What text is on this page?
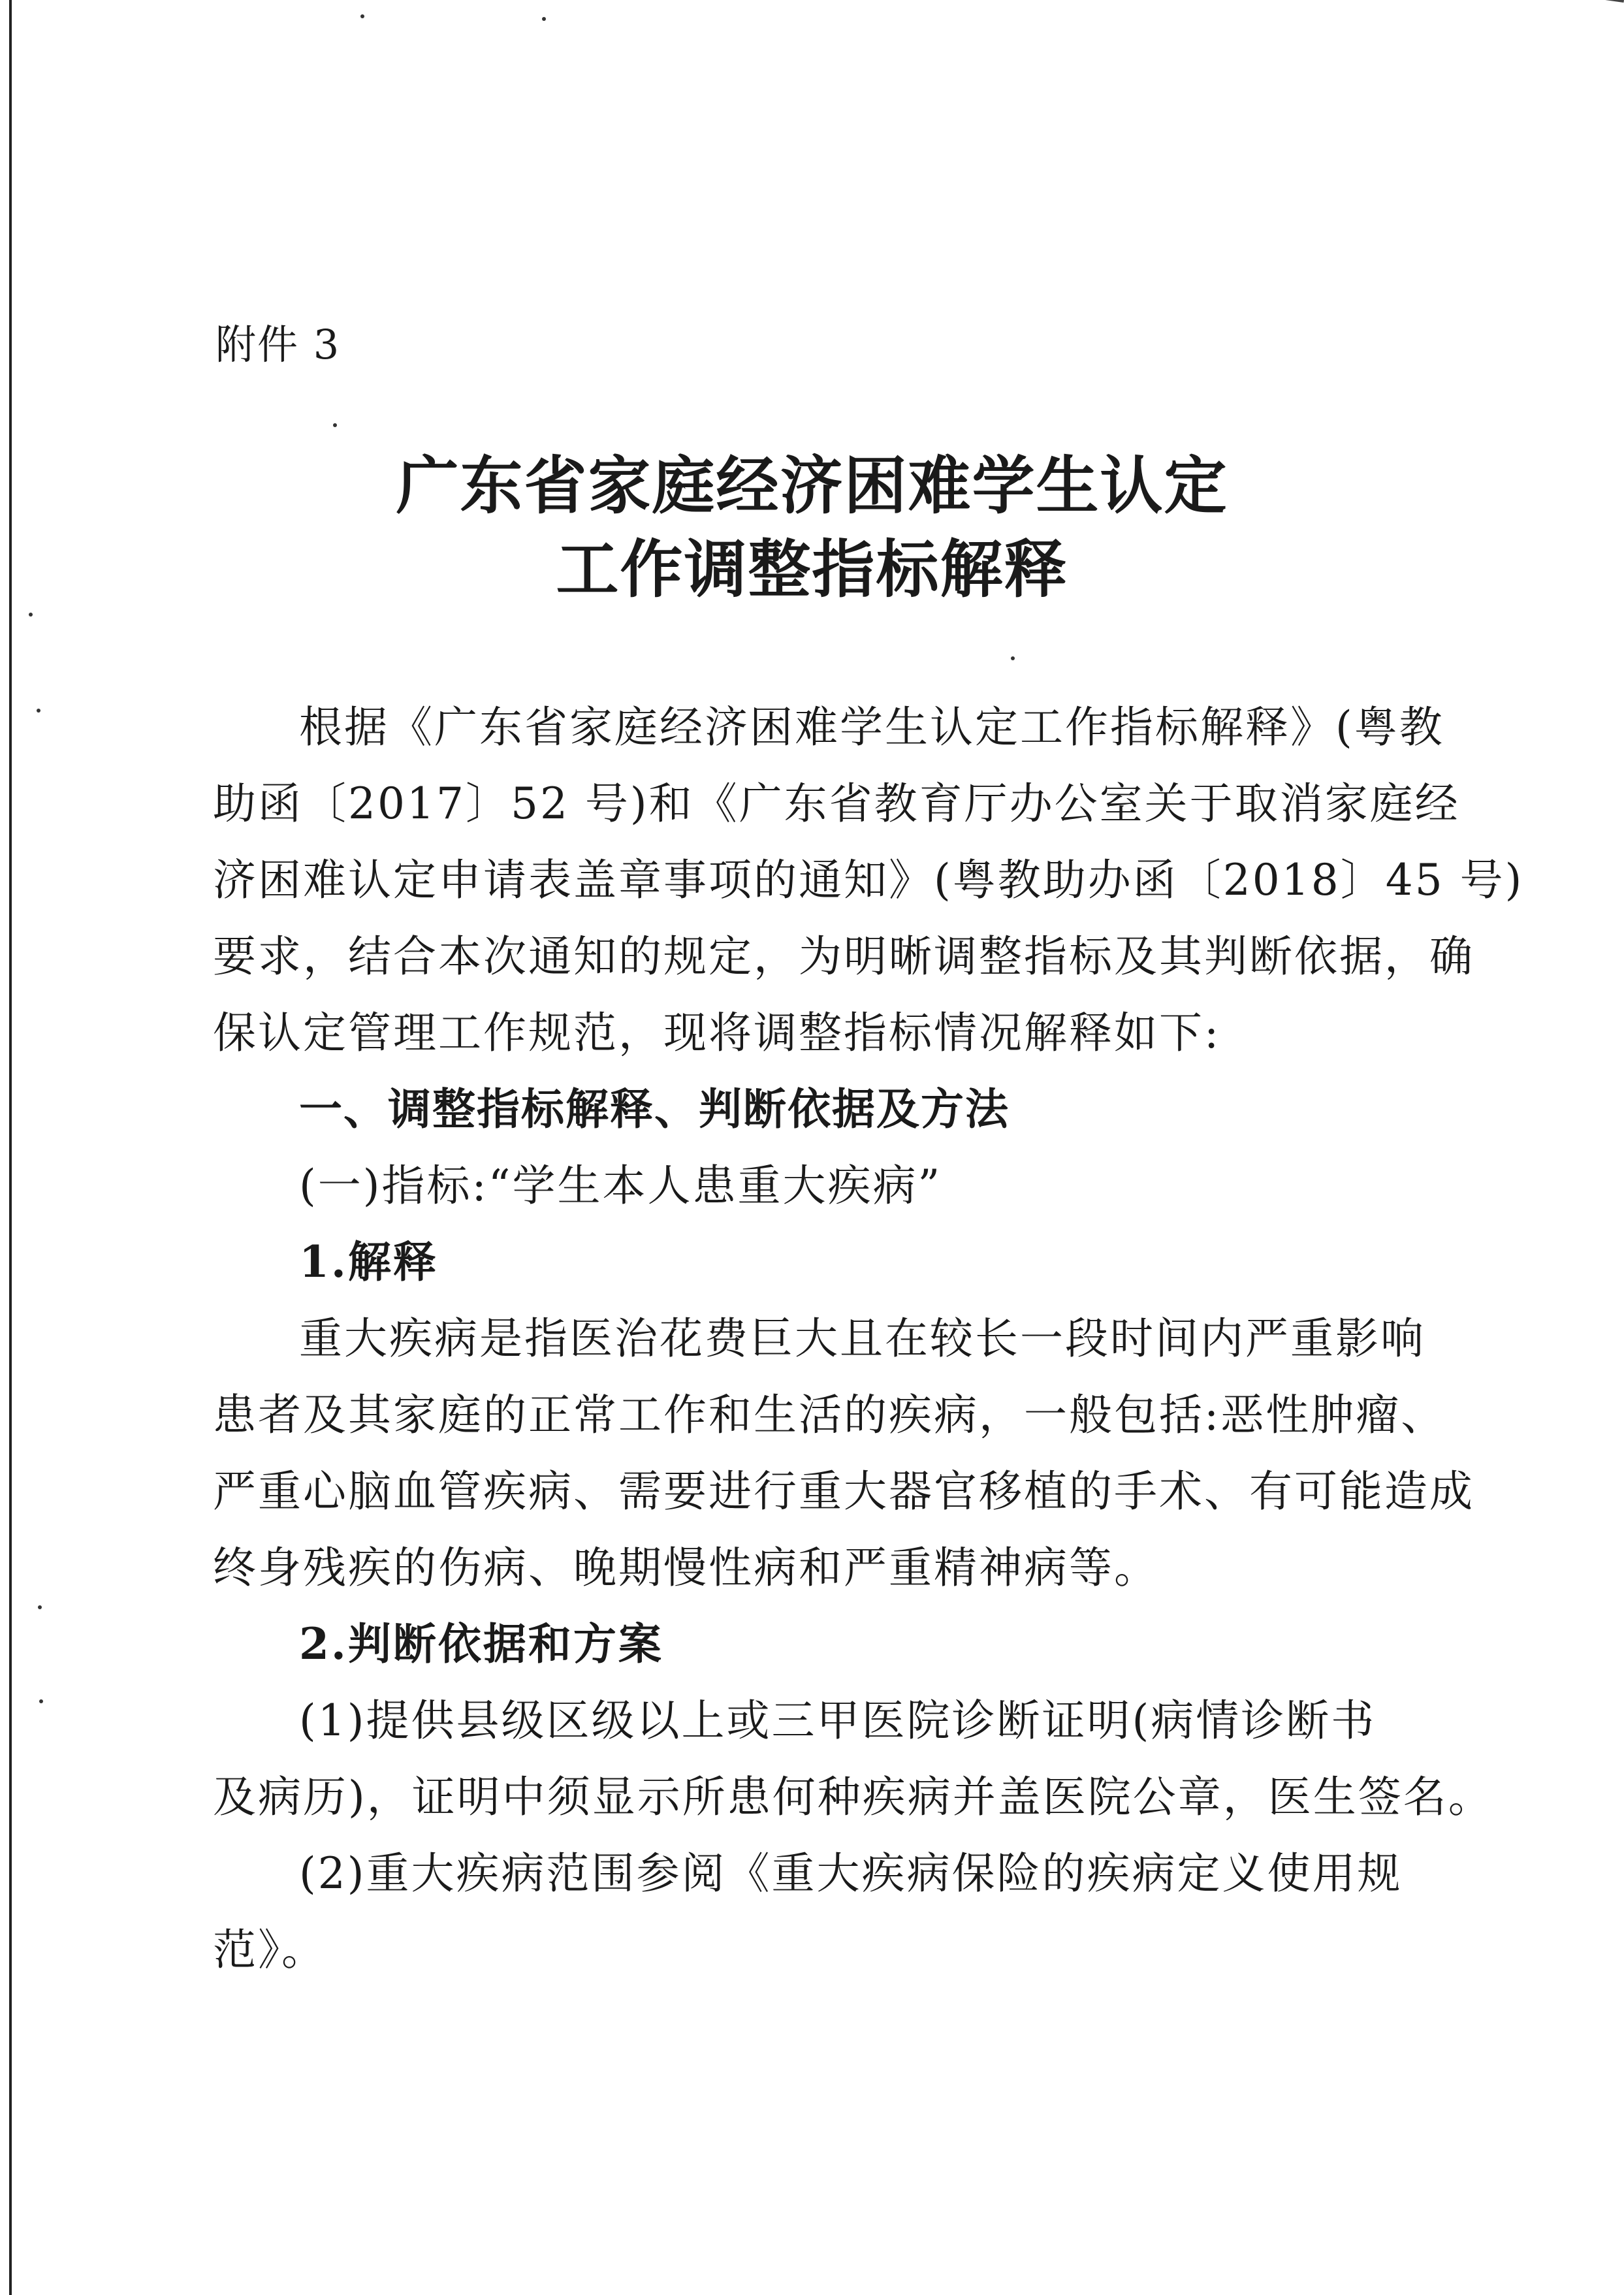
附件 3
广东省家庭经济困难学生认定
工作调整指标解释
根据《广东省家庭经济困难学生认定工作指标解释》(粤教
助函〔2017〕52 号)和《广东省教育厅办公室关于取消家庭经
济困难认定申请表盖章事项的通知》(粤教助办函〔2018〕45 号)
要求，结合本次通知的规定，为明晰调整指标及其判断依据，确
保认定管理工作规范，现将调整指标情况解释如下:
一、调整指标解释、判断依据及方法
(一)指标:“学生本人患重大疾病”
1.解释
重大疾病是指医治花费巨大且在较长一段时间内严重影响
患者及其家庭的正常工作和生活的疾病，一般包括:恶性肿瘤、
严重心脑血管疾病、需要进行重大器官移植的手术、有可能造成
终身残疾的伤病、晚期慢性病和严重精神病等。
2.判断依据和方案
(1)提供县级区级以上或三甲医院诊断证明(病情诊断书
及病历)，证明中须显示所患何种疾病并盖医院公章，医生签名。
(2)重大疾病范围参阅《重大疾病保险的疾病定义使用规
范》。
